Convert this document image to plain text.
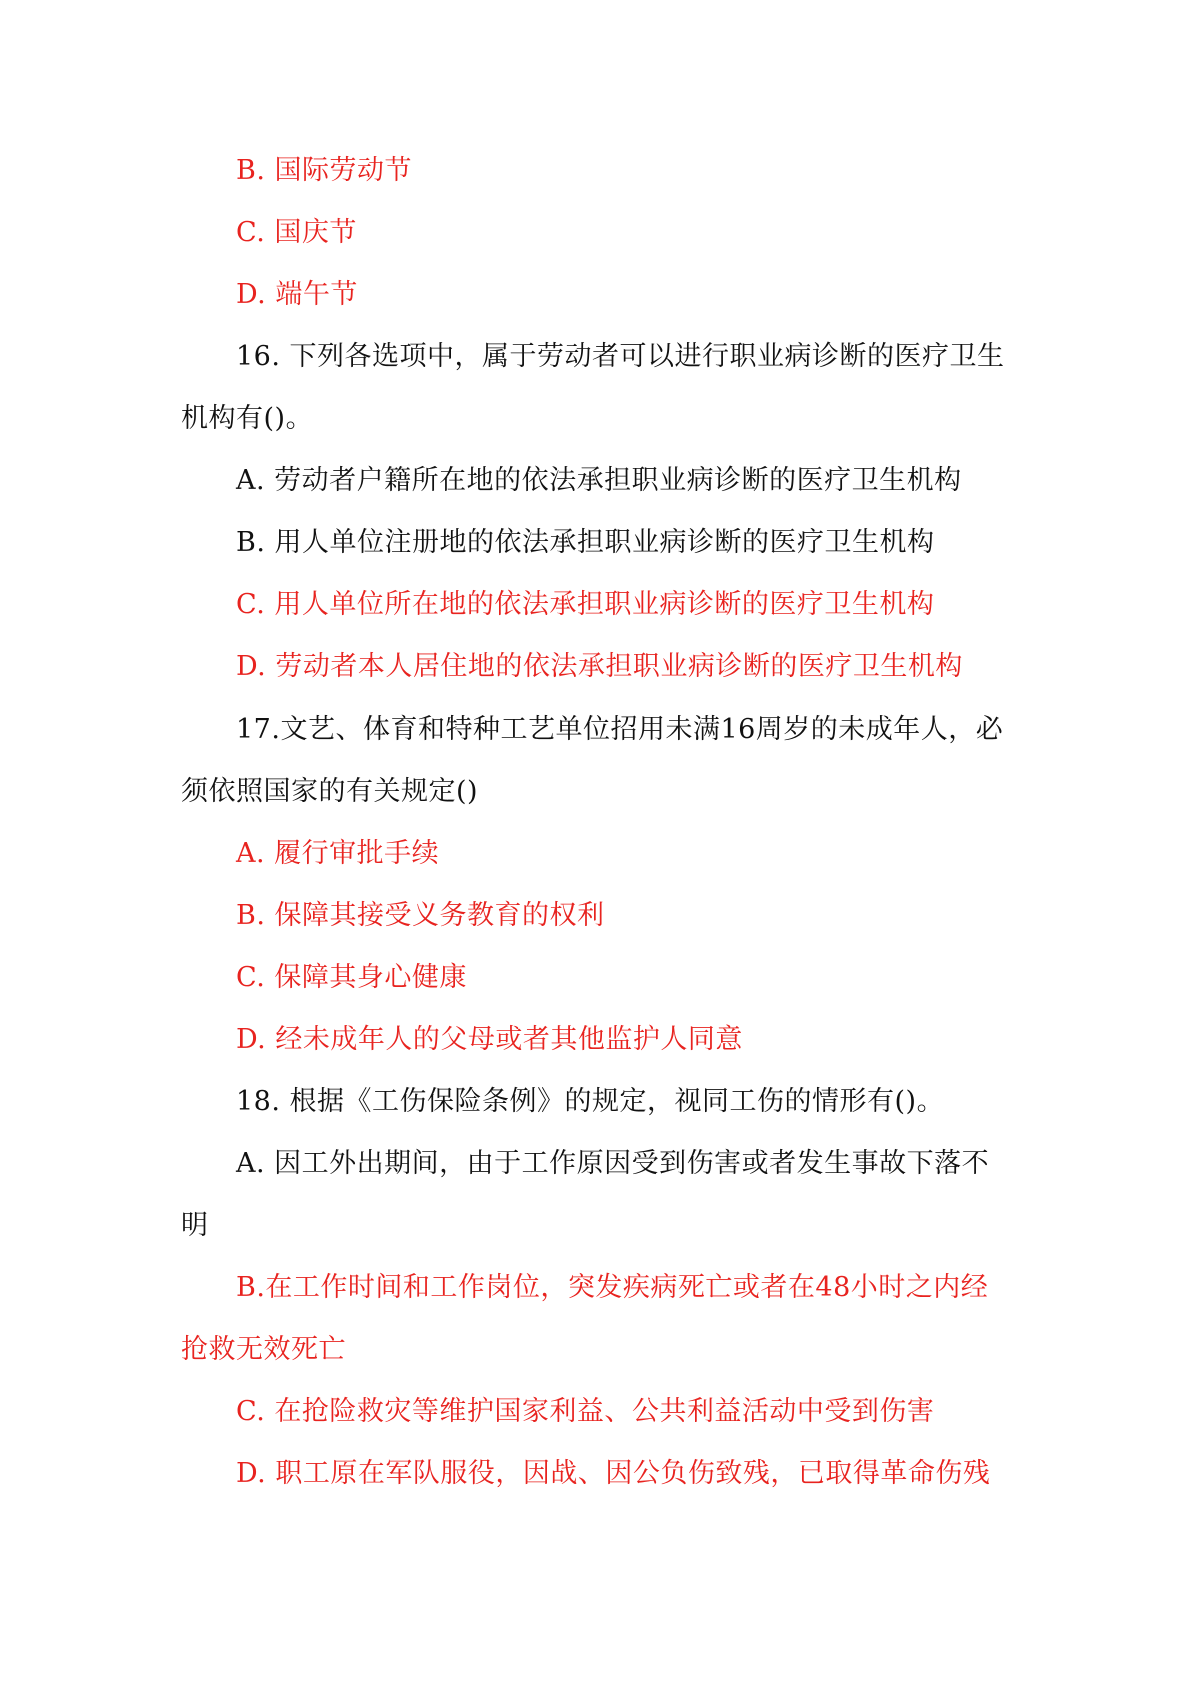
B. 国际劳动节
C. 国庆节
D. 端午节
16. 下列各选项中，属于劳动者可以进行职业病诊断的医疗卫生
机构有()。
A. 劳动者户籍所在地的依法承担职业病诊断的医疗卫生机构
B. 用人单位注册地的依法承担职业病诊断的医疗卫生机构
C. 用人单位所在地的依法承担职业病诊断的医疗卫生机构
D. 劳动者本人居住地的依法承担职业病诊断的医疗卫生机构
17.文艺、体育和特种工艺单位招用未满16周岁的未成年人，必
须依照国家的有关规定()
A. 履行审批手续
B. 保障其接受义务教育的权利
C. 保障其身心健康
D. 经未成年人的父母或者其他监护人同意
18. 根据《工伤保险条例》的规定，视同工伤的情形有()。
A. 因工外出期间，由于工作原因受到伤害或者发生事故下落不
明
B.在工作时间和工作岗位，突发疾病死亡或者在48小时之内经
抢救无效死亡
C. 在抢险救灾等维护国家利益、公共利益活动中受到伤害
D. 职工原在军队服役，因战、因公负伤致残，已取得革命伤残
